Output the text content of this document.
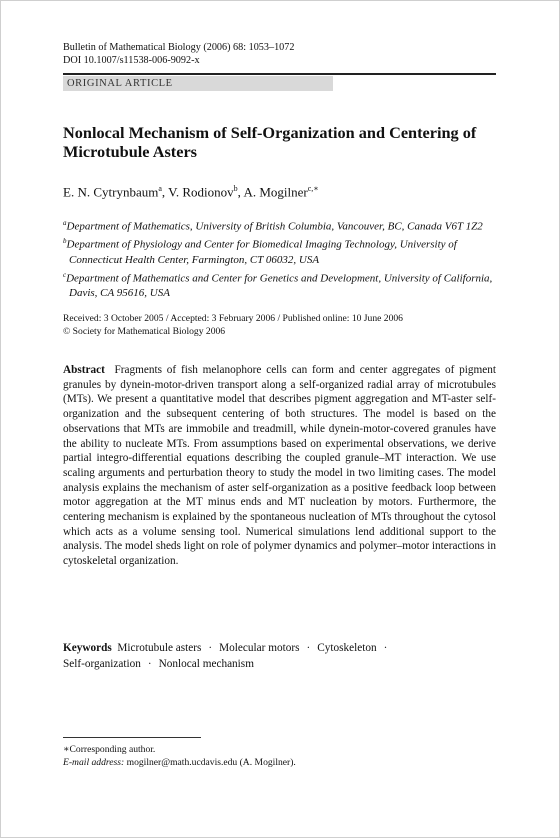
Bulletin of Mathematical Biology (2006) 68: 1053–1072
DOI 10.1007/s11538-006-9092-x
ORIGINAL ARTICLE
Nonlocal Mechanism of Self-Organization and Centering of Microtubule Asters
E. N. Cytrynbaum$^a$, V. Rodionov$^b$, A. Mogilner$^{c,∗}$
$^a$Department of Mathematics, University of British Columbia, Vancouver, BC, Canada V6T 1Z2
$^b$Department of Physiology and Center for Biomedical Imaging Technology, University of Connecticut Health Center, Farmington, CT 06032, USA
$^c$Department of Mathematics and Center for Genetics and Development, University of California, Davis, CA 95616, USA
Received: 3 October 2005 / Accepted: 3 February 2006 / Published online: 10 June 2006
© Society for Mathematical Biology 2006
Abstract Fragments of fish melanophore cells can form and center aggregates of pigment granules by dynein-motor-driven transport along a self-organized radial array of microtubules (MTs). We present a quantitative model that describes pigment aggregation and MT-aster self-organization and the subsequent centering of both structures. The model is based on the observations that MTs are immobile and treadmill, while dynein-motor-covered granules have the ability to nucleate MTs. From assumptions based on experimental observations, we derive partial integro-differential equations describing the coupled granule–MT interaction. We use scaling arguments and perturbation theory to study the model in two limiting cases. The model analysis explains the mechanism of aster self-organization as a positive feedback loop between motor aggregation at the MT minus ends and MT nucleation by motors. Furthermore, the centering mechanism is explained by the spontaneous nucleation of MTs throughout the cytosol which acts as a volume sensing tool. Numerical simulations lend additional support to the analysis. The model sheds light on role of polymer dynamics and polymer–motor interactions in cytoskeletal organization.
Keywords Microtubule asters · Molecular motors · Cytoskeleton ·
Self-organization · Nonlocal mechanism
∗Corresponding author.
E-mail address: mogilner@math.ucdavis.edu (A. Mogilner).
